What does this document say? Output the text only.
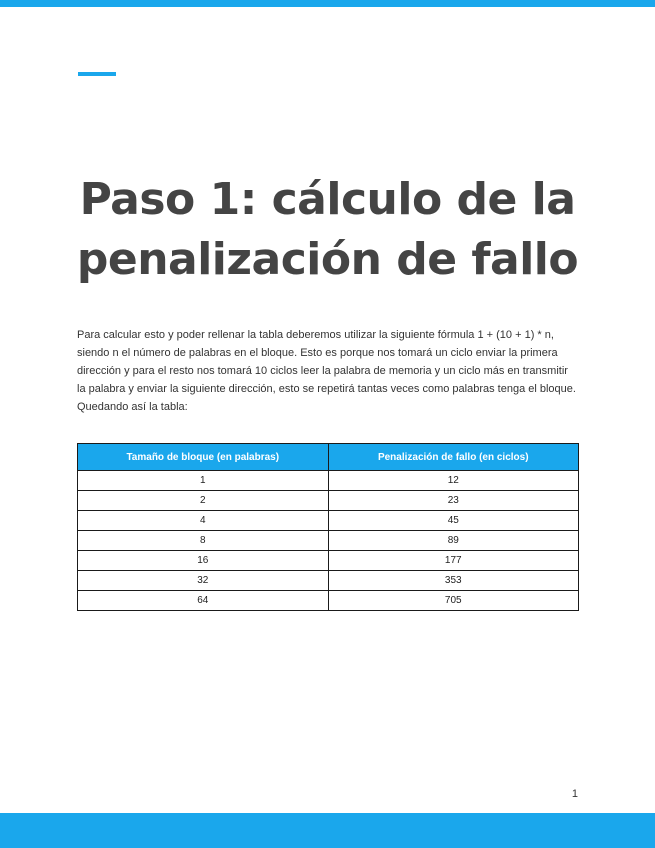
Paso 1: cálculo de la
penalización de fallo

Para calcular esto y poder rellenar la tabla deberemos utilizar la siguiente fórmula 1 + (10 + 1) * n, siendo n el número de palabras en el bloque. Esto es porque nos tomará un ciclo enviar la primera dirección y para el resto nos tomará 10 ciclos leer la palabra de memoria y un ciclo más en transmitir la palabra y enviar la siguiente dirección, esto se repetirá tantas veces como palabras tenga el bloque. Quedando así la tabla:

Tamaño de bloque (en palabras)	Penalización de fallo (en ciclos)
1	12
2	23
4	45
8	89
16	177
32	353
64	705
1
